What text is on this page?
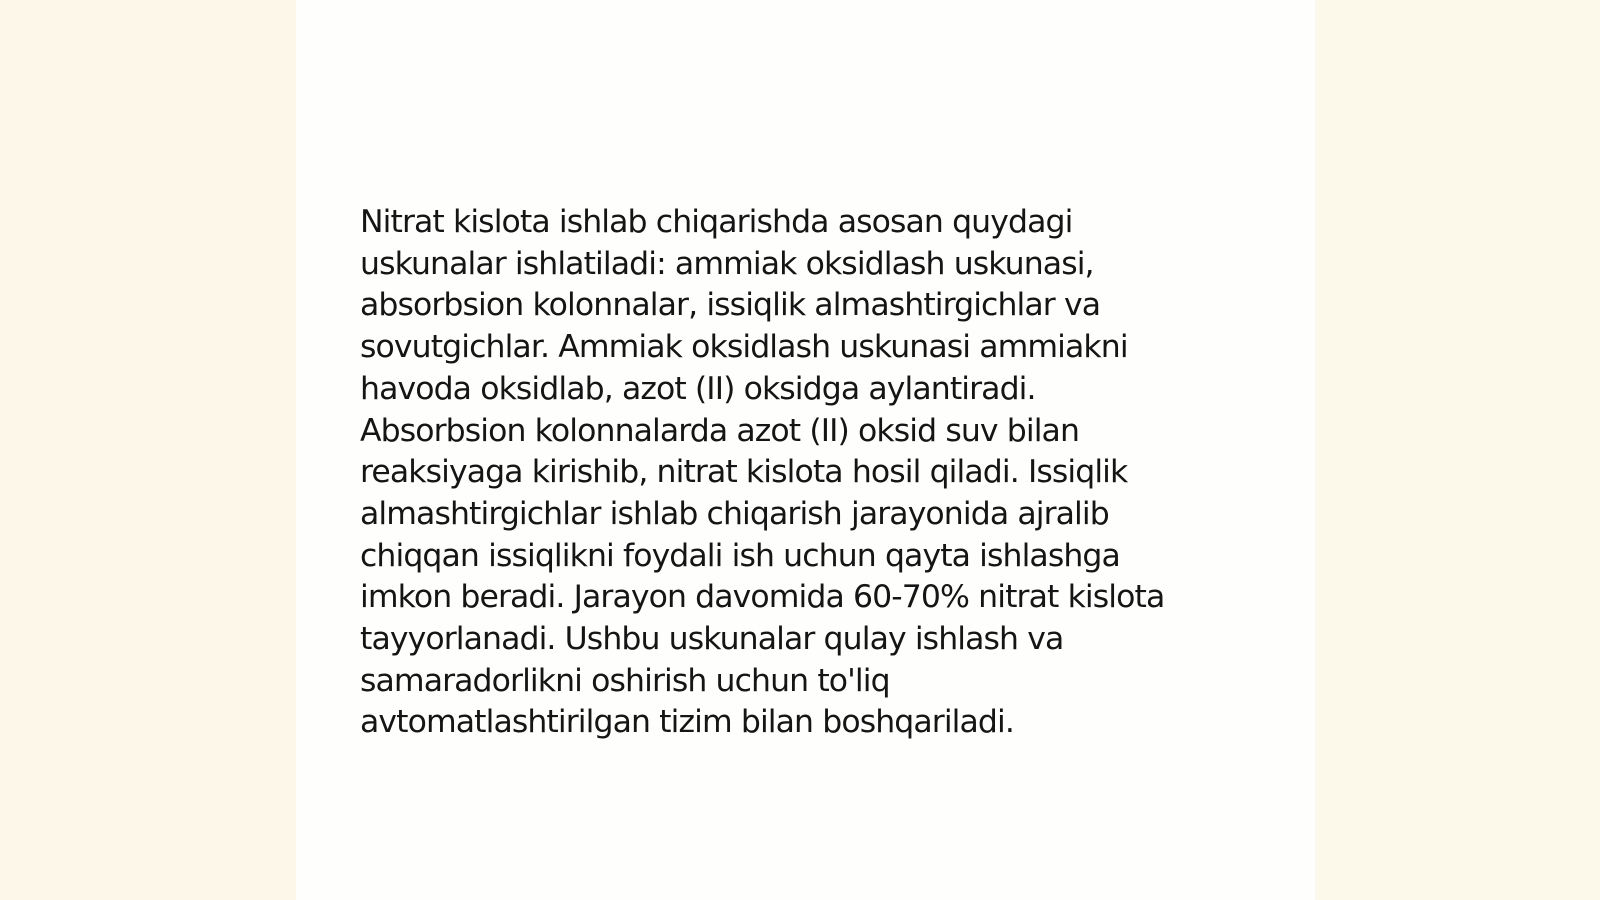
Nitrat kislota ishlab chiqarishda asosan quydagi
uskunalar ishlatiladi: ammiak oksidlash uskunasi,
absorbsion kolonnalar, issiqlik almashtirgichlar va
sovutgichlar. Ammiak oksidlash uskunasi ammiakni
havoda oksidlab, azot (II) oksidga aylantiradi.
Absorbsion kolonnalarda azot (II) oksid suv bilan
reaksiyaga kirishib, nitrat kislota hosil qiladi. Issiqlik
almashtirgichlar ishlab chiqarish jarayonida ajralib
chiqqan issiqlikni foydali ish uchun qayta ishlashga
imkon beradi. Jarayon davomida 60-70% nitrat kislota
tayyorlanadi. Ushbu uskunalar qulay ishlash va
samaradorlikni oshirish uchun to'liq
avtomatlashtirilgan tizim bilan boshqariladi.
